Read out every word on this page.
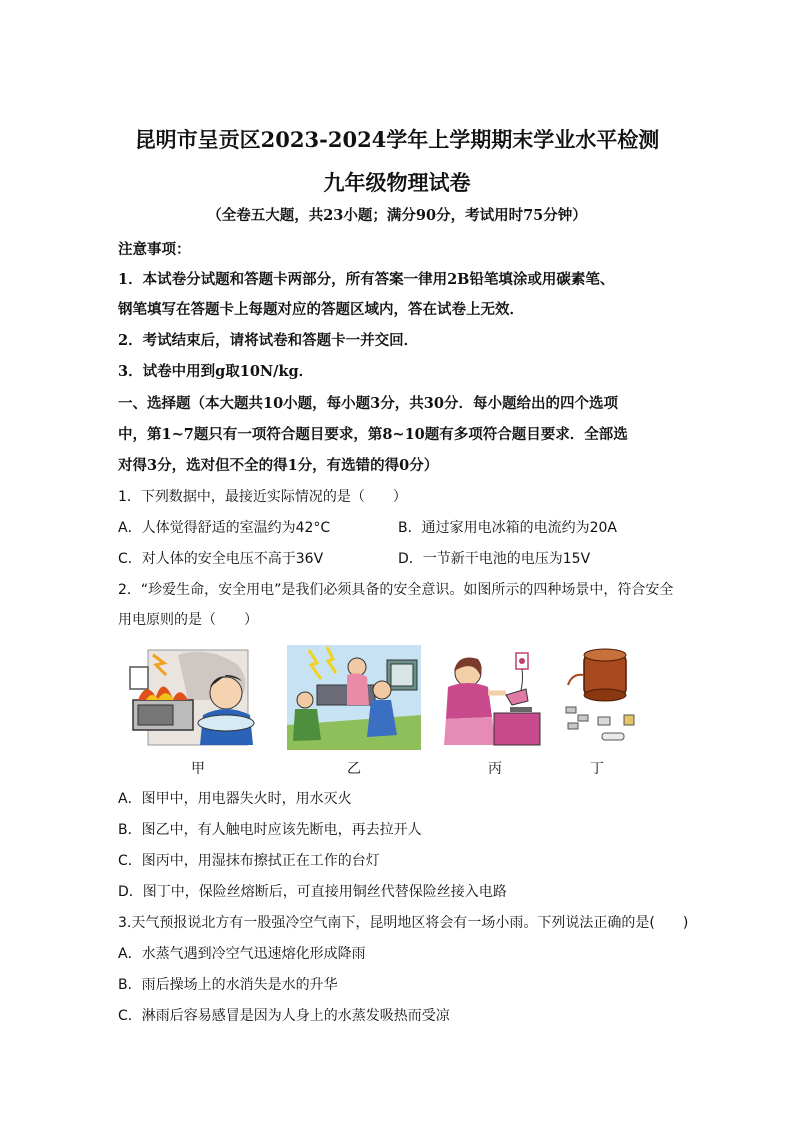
昆明市呈贡区2023-2024学年上学期期末学业水平检测
九年级物理试卷
（全卷五大题，共23小题；满分90分，考试用时75分钟）
注意事项：
1．本试卷分试题和答题卡两部分，所有答案一律用2B铅笔填涂或用碳素笔、
钢笔填写在答题卡上每题对应的答题区域内，答在试卷上无效．
2．考试结束后，请将试卷和答题卡一并交回．
3．试卷中用到g取10N/kg．
一、选择题（本大题共10小题，每小题3分，共30分．每小题给出的四个选项
中，第1~7题只有一项符合题目要求，第8~10题有多项符合题目要求．全部选
对得3分，选对但不全的得1分，有选错的得0分）
1．下列数据中，最接近实际情况的是（　　）
A．人体觉得舒适的室温约为42°C	B．通过家用电冰箱的电流约为20A
C．对人体的安全电压不高于36V	D．一节新干电池的电压为15V
2．“珍爱生命，安全用电”是我们必须具备的安全意识。如图所示的四种场景中，符合安全
用电原则的是（　　）
甲	乙	丙	丁
A．图甲中，用电器失火时，用水灭火
B．图乙中，有人触电时应该先断电，再去拉开人
C．图丙中，用湿抹布擦拭正在工作的台灯
D．图丁中，保险丝熔断后，可直接用铜丝代替保险丝接入电路
3.天气预报说北方有一股强冷空气南下，昆明地区将会有一场小雨。下列说法正确的是(　　)
A．水蒸气遇到冷空气迅速熔化形成降雨
B．雨后操场上的水消失是水的升华
C．淋雨后容易感冒是因为人身上的水蒸发吸热而受凉
